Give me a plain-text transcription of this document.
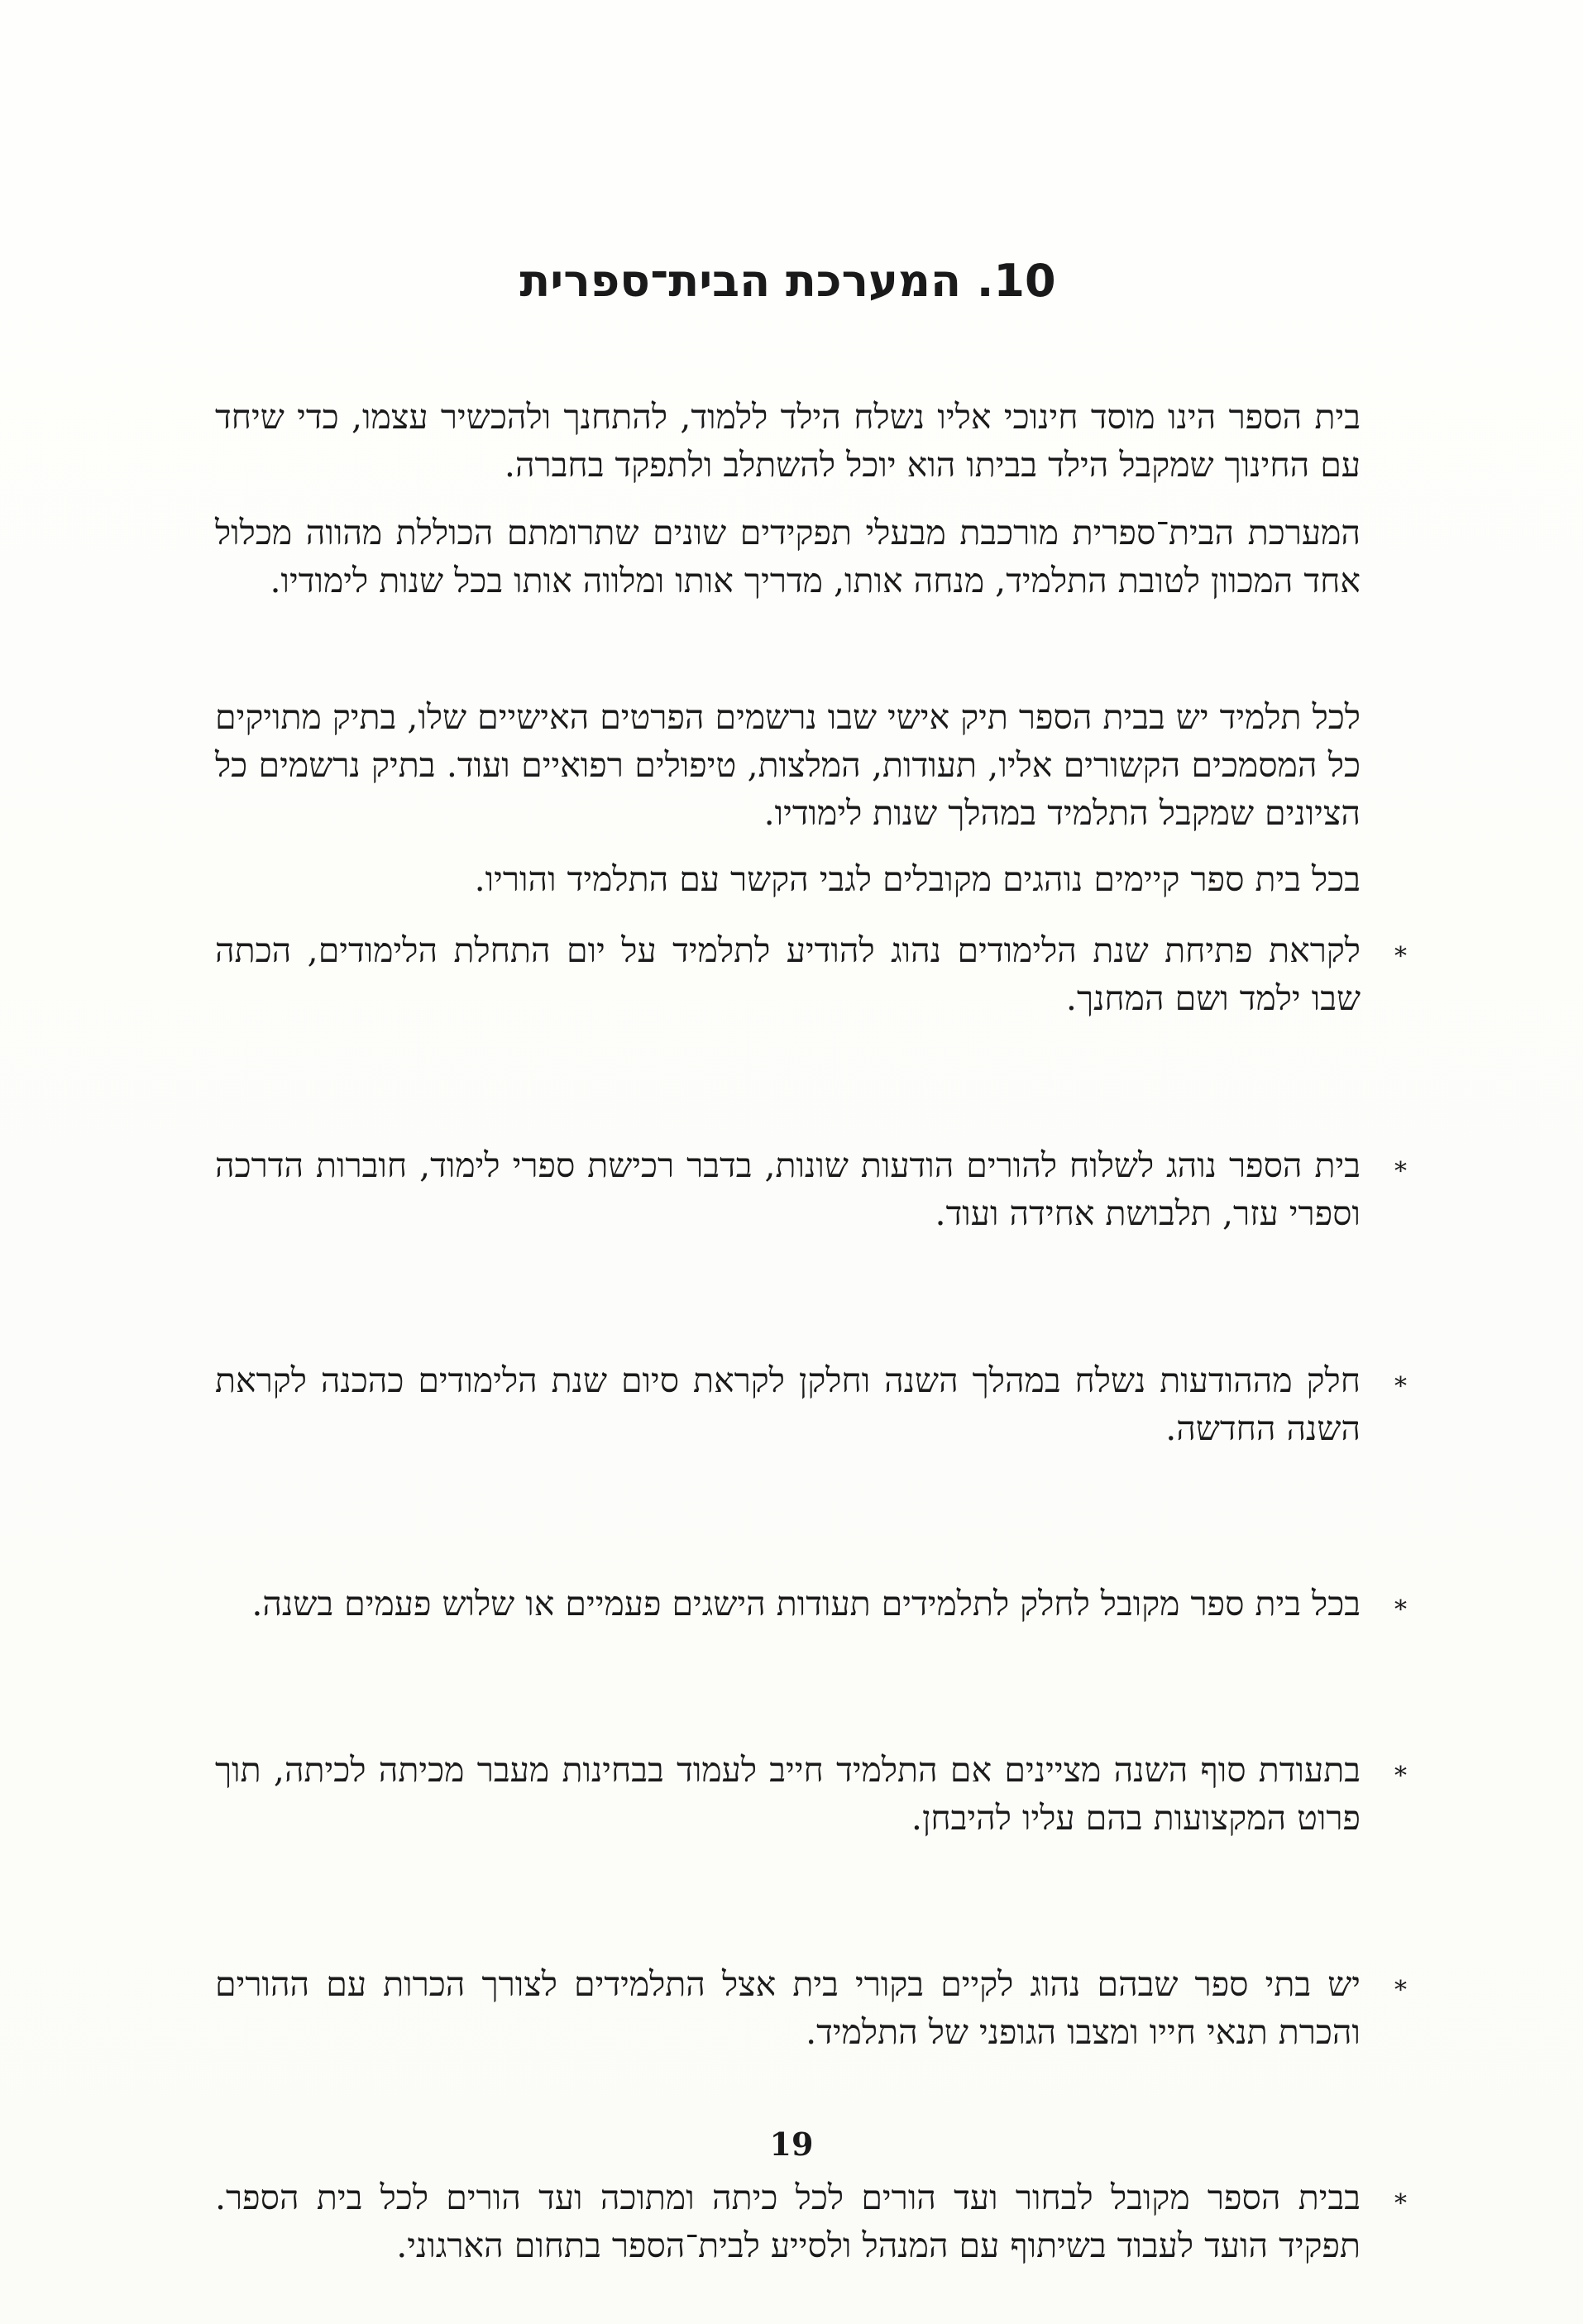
10. המערכת הבית־ספרית

בית הספר הינו מוסד חינוכי אליו נשלח הילד ללמוד, להתחנך ולהכשיר עצמו, כדי שיחד עם החינוך שמקבל הילד בביתו הוא יוכל להשתלב ולתפקד בחברה.

המערכת הבית־ספרית מורכבת מבעלי תפקידים שונים שתרומתם הכוללת מהווה מכלול אחד המכוון לטובת התלמיד, מנחה אותו, מדריך אותו ומלווה אותו בכל שנות לימודיו.

לכל תלמיד יש בבית הספר תיק אישי שבו נרשמים הפרטים האישיים שלו, בתיק מתויקים כל המסמכים הקשורים אליו, תעודות, המלצות, טיפולים רפואיים ועוד. בתיק נרשמים כל הציונים שמקבל התלמיד במהלך שנות לימודיו.

בכל בית ספר קיימים נוהגים מקובלים לגבי הקשר עם התלמיד והוריו.

*
לקראת פתיחת שנת הלימודים נהוג להודיע לתלמיד על יום התחלת הלימודים, הכתה שבו ילמד ושם המחנך.
*
בית הספר נוהג לשלוח להורים הודעות שונות, בדבר רכישת ספרי לימוד, חוברות הדרכה וספרי עזר, תלבושת אחידה ועוד.
*
חלק מההודעות נשלח במהלך השנה וחלקן לקראת סיום שנת הלימודים כהכנה לקראת השנה החדשה.
*
בכל בית ספר מקובל לחלק לתלמידים תעודות הישגים פעמיים או שלוש פעמים בשנה.
*
בתעודת סוף השנה מציינים אם התלמיד חייב לעמוד בבחינות מעבר מכיתה לכיתה, תוך פרוט המקצועות בהם עליו להיבחן.
*
יש בתי ספר שבהם נהוג לקיים בקורי בית אצל התלמידים לצורך הכרות עם ההורים והכרת תנאי חייו ומצבו הגופני של התלמיד.
*
בבית הספר מקובל לבחור ועד הורים לכל כיתה ומתוכה ועד הורים לכל בית הספר. תפקיד הועד לעבוד בשיתוף עם המנהל ולסייע לבית־הספר בתחום הארגוני.
19
